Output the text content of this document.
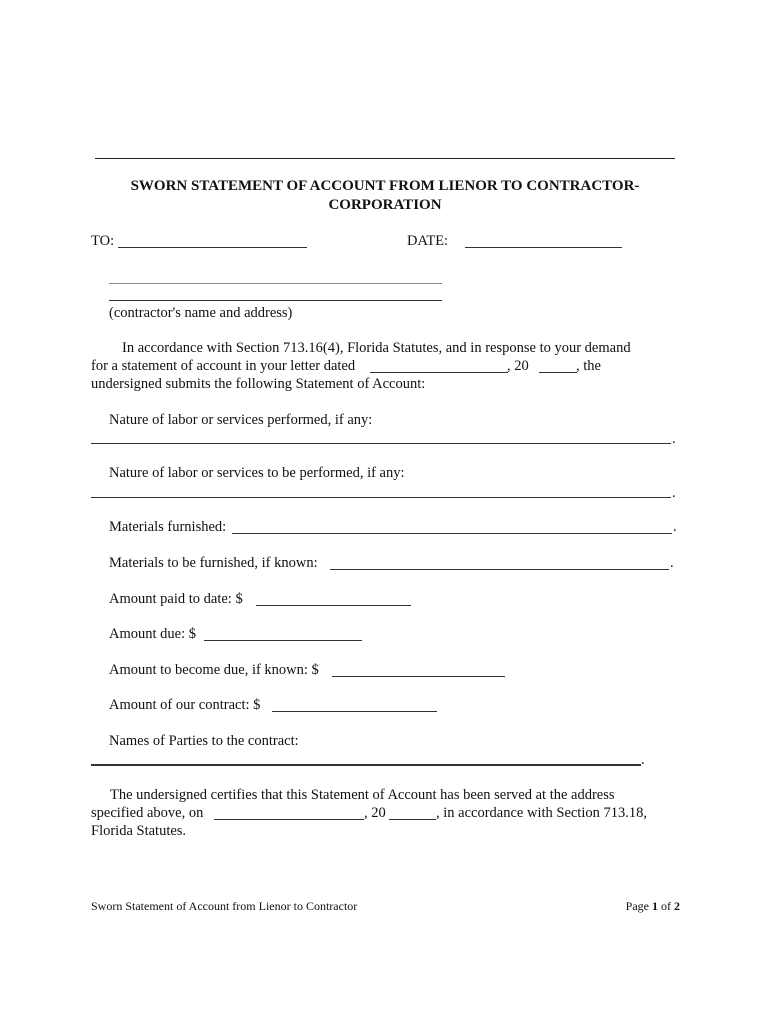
SWORN STATEMENT OF ACCOUNT FROM LIENOR TO CONTRACTOR-
CORPORATION
TO:	DATE:
(contractor's name and address)
In accordance with Section 713.16(4), Florida Statutes, and in response to your demand
for a statement of account in your letter dated	, 20	, the
undersigned submits the following Statement of Account:
Nature of labor or services performed, if any:
.
Nature of labor or services to be performed, if any:
.
Materials furnished:	.
Materials to be furnished, if known:	.
Amount paid to date: $
Amount due: $
Amount to become due, if known: $
Amount of our contract: $
Names of Parties to the contract:
.
The undersigned certifies that this Statement of Account has been served at the address
specified above, on	, 20	, in accordance with Section 713.18,
Florida Statutes.
Sworn Statement of Account from Lienor to Contractor	Page 1 of 2
